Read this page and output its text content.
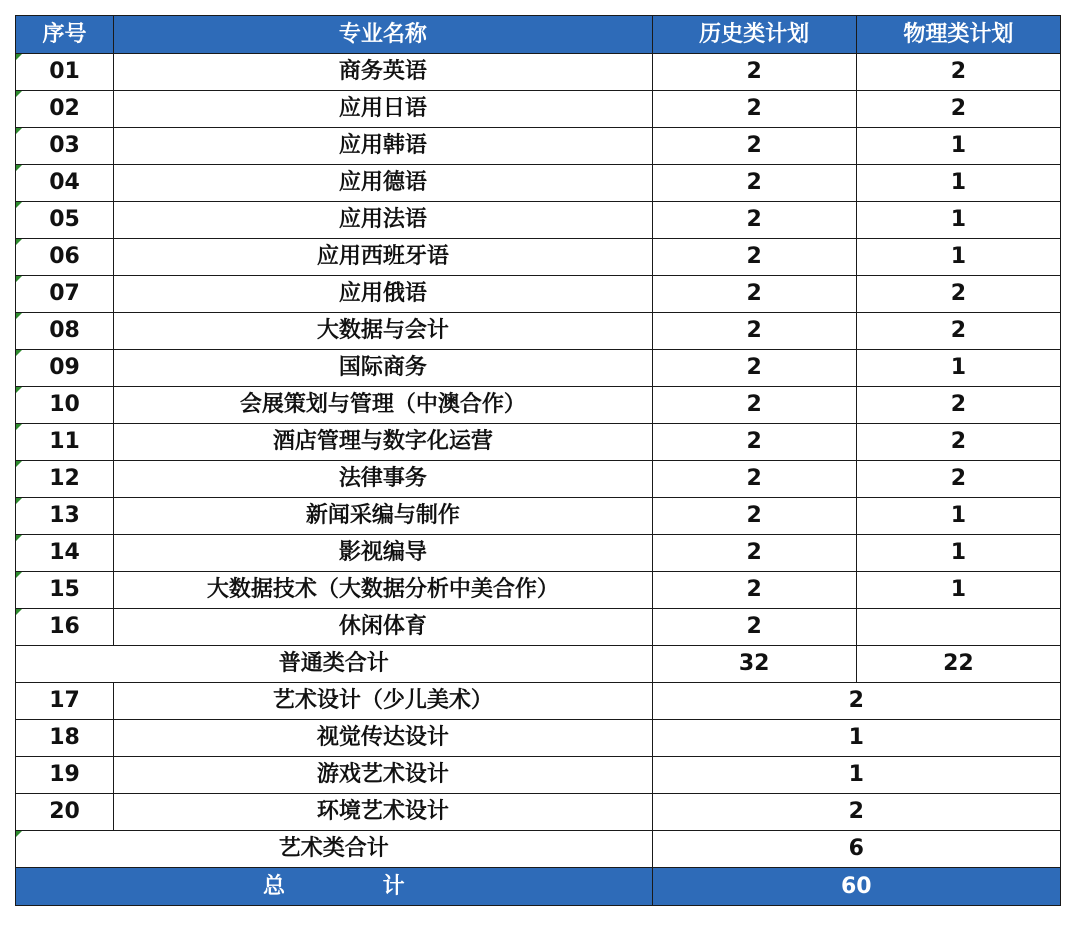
序号	专业名称	历史类计划	物理类计划
01	商务英语	2	2
02	应用日语	2	2
03	应用韩语	2	1
04	应用德语	2	1
05	应用法语	2	1
06	应用西班牙语	2	1
07	应用俄语	2	2
08	大数据与会计	2	2
09	国际商务	2	1
10	会展策划与管理（中澳合作）	2	2
11	酒店管理与数字化运营	2	2
12	法律事务	2	2
13	新闻采编与制作	2	1
14	影视编导	2	1
15	大数据技术（大数据分析中美合作）	2	1
16	休闲体育	2	
普通类合计		32	22
17	艺术设计（少儿美术）	2	
18	视觉传达设计	1	
19	游戏艺术设计	1	
20	环境艺术设计	2	
艺术类合计		6	
总 计		60	
